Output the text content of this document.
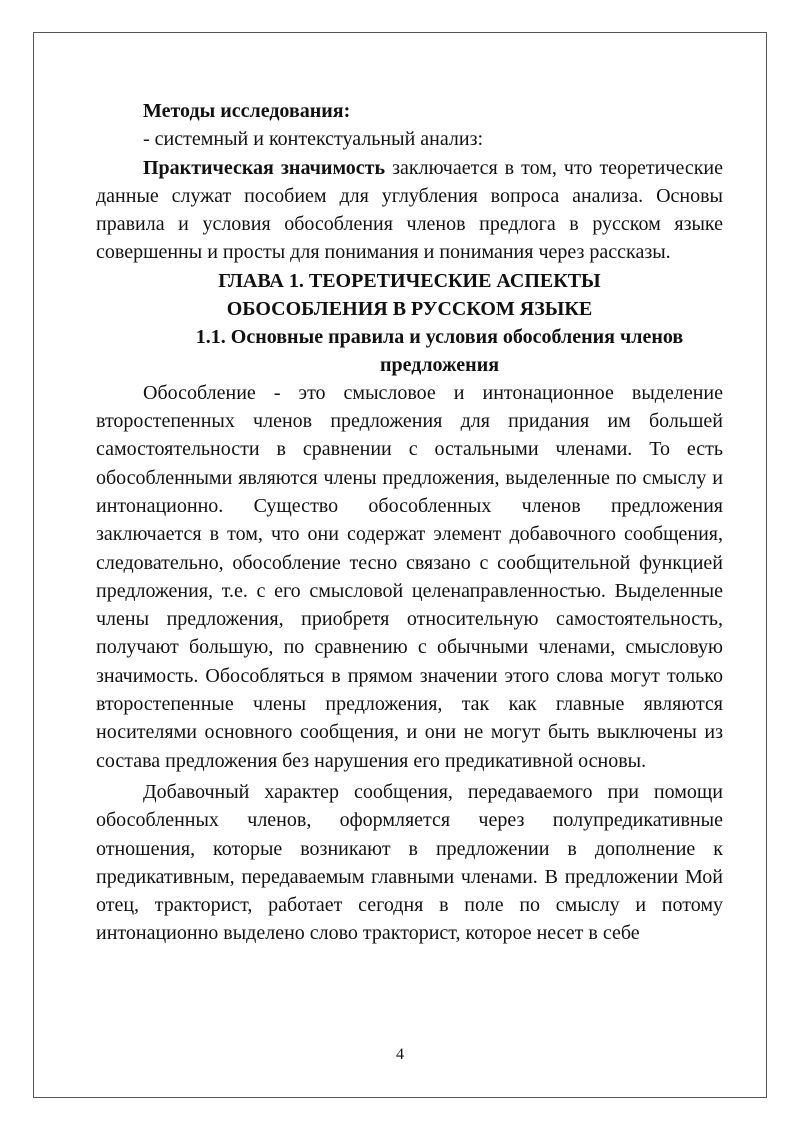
Методы исследования:

- системный и контекстуальный анализ:

Практическая значимость заключается в том, что теоретические данные служат пособием для углубления вопроса анализа. Основы правила и условия обособления членов предлога в русском языке совершенны и просты для понимания и понимания через рассказы.

ГЛАВА 1. ТЕОРЕТИЧЕСКИЕ АСПЕКТЫ
ОБОСОБЛЕНИЯ В РУССКОМ ЯЗЫКЕ
1.1. Основные правила и условия обособления членов
предложения

Обособление - это смысловое и интонационное выделение второстепенных членов предложения для придания им большей самостоятельности в сравнении с остальными членами. То есть обособленными являются члены предложения, выделенные по смыслу и интонационно. Существо обособленных членов предложения заключается в том, что они содержат элемент добавочного сообщения, следовательно, обособление тесно связано с сообщительной функцией предложения, т.е. с его смысловой целенаправленностью. Выделенные члены предложения, приобретя относительную самостоятельность, получают большую, по сравнению с обычными членами, смысловую значимость. Обособляться в прямом значении этого слова могут только второстепенные члены предложения, так как главные являются носителями основного сообщения, и они не могут быть выключены из состава предложения без нарушения его предикативной основы.

Добавочный характер сообщения, передаваемого при помощи обособленных членов, оформляется через полупредикативные отношения, которые возникают в предложении в дополнение к предикативным, передаваемым главными членами. В предложении Мой отец, тракторист, работает сегодня в поле по смыслу и потому интонационно выделено слово тракторист, которое несет в себе

4
